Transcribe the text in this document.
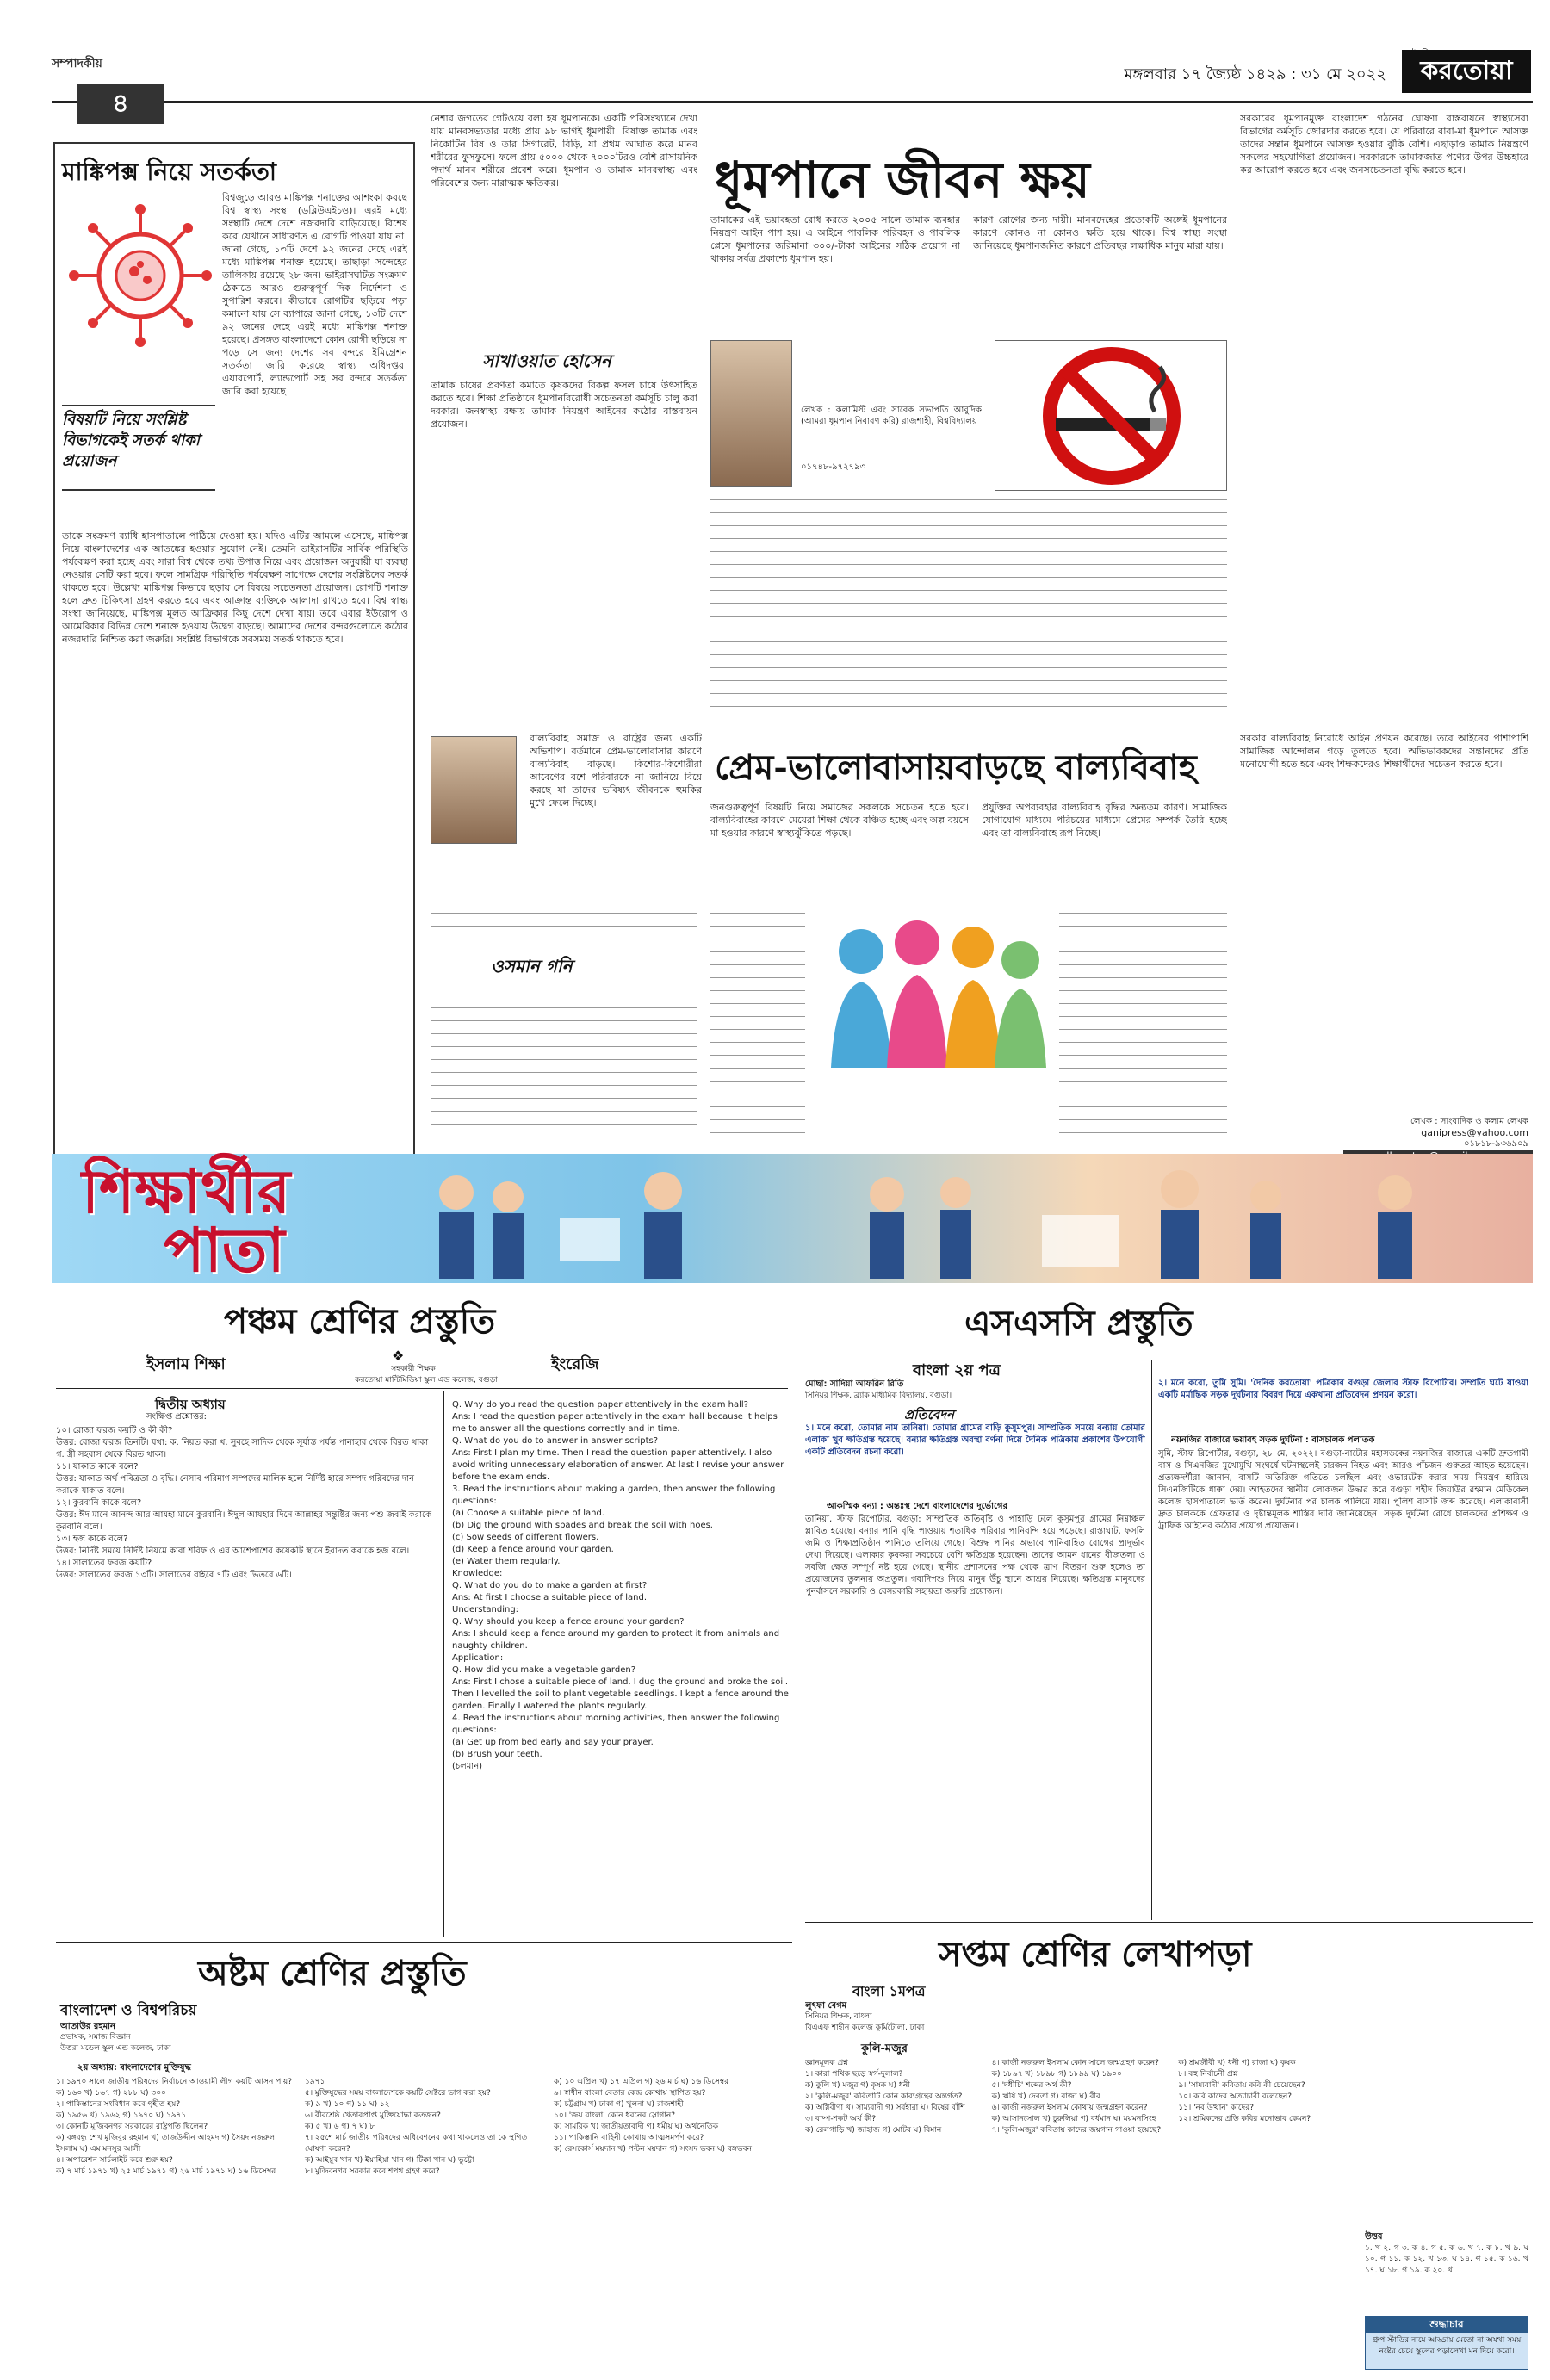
সম্পাদকীয়
৪
মঙ্গলবার ১৭ জ্যৈষ্ঠ ১৪২৯ : ৩১ মে ২০২২	করতোয়া
মাঙ্কিপক্স নিয়ে সতর্কতা
বিশ্বজুড়ে আরও মাঙ্কিপক্স শনাক্তের আশংকা করছে বিশ্ব স্বাস্থ্য সংস্থা (ডব্লিউএইচও)। এরই মধ্যে সংস্থাটি দেশে দেশে নজরদারি বাড়িয়েছে। বিশেষ করে যেখানে সাধারণত এ রোগটি পাওয়া যায় না। জানা গেছে, ১৩টি দেশে ৯২ জনের দেহে এরই মধ্যে মাঙ্কিপক্স শনাক্ত হয়েছে। তাছাড়া সন্দেহের তালিকায় রয়েছে ২৮ জন। ভাইরাসঘটিত সংক্রমণ ঠেকাতে আরও গুরুত্বপূর্ণ দিক নির্দেশনা ও সুপারিশ করবে। কীভাবে রোগটির ছড়িয়ে পড়া কমানো যায় সে ব্যাপারে জানা গেছে, ১৩টি দেশে ৯২ জনের দেহে এরই মধ্যে মাঙ্কিপক্স শনাক্ত হয়েছে। প্রসঙ্গত বাংলাদেশে কোন রোগী ছড়িয়ে না পড়ে সে জন্য দেশের সব বন্দরে ইমিগ্রেশন সতর্কতা জারি করেছে স্বাস্থ্য অধিদপ্তর। এয়ারপোর্ট, ল্যান্ডপোর্ট সহ সব বন্দরে সতর্কতা জারি করা হয়েছে।
বিষয়টি নিয়ে সংশ্লিষ্ট বিভাগকেই সতর্ক থাকা প্রয়োজন
তাকে সংক্রমণ ব্যাধি হাসপাতালে পাঠিয়ে দেওয়া হয়। যদিও এটির আমলে এসেছে, মাঙ্কিপক্স নিয়ে বাংলাদেশের এক আতঙ্কের হওয়ার সুযোগ নেই। তেমনি ভাইরাসটির সার্বিক পরিস্থিতি পর্যবেক্ষণ করা হচ্ছে এবং সারা বিশ্ব থেকে তথ্য উপাত্ত নিয়ে এবং প্রয়োজন অনুযায়ী যা ব্যবস্থা নেওয়ার সেটি করা হবে। ফলে সামগ্রিক পরিস্থিতি পর্যবেক্ষণ সাপেক্ষে দেশের সংশ্লিষ্টদের সতর্ক থাকতে হবে। উল্লেখ্য মাঙ্কিপক্স কিভাবে ছড়ায় সে বিষয়ে সচেতনতা প্রয়োজন। রোগটি শনাক্ত হলে দ্রুত চিকিৎসা গ্রহণ করতে হবে এবং আক্রান্ত ব্যক্তিকে আলাদা রাখতে হবে। বিশ্ব স্বাস্থ্য সংস্থা জানিয়েছে, মাঙ্কিপক্স মূলত আফ্রিকার কিছু দেশে দেখা যায়। তবে এবার ইউরোপ ও আমেরিকার বিভিন্ন দেশে শনাক্ত হওয়ায় উদ্বেগ বাড়ছে। আমাদের দেশের বন্দরগুলোতে কঠোর নজরদারি নিশ্চিত করা জরুরি। সংশ্লিষ্ট বিভাগকে সবসময় সতর্ক থাকতে হবে।
নেশার জগতের গেটওয়ে বলা হয় ধূমপানকে। একটি পরিসংখ্যানে দেখা যায় মানবসভ্যতার মধ্যে প্রায় ৯৮ ভাগই ধূমপায়ী। বিষাক্ত তামাক এবং নিকোটিন বিষ ও তার সিগারেট, বিড়ি, যা প্রথম আঘাত করে মানব শরীরের ফুসফুসে। ফলে প্রায় ৫০০০ থেকে ৭০০০টিরও বেশি রাসায়নিক পদার্থ মানব শরীরে প্রবেশ করে। ধূমপান ও তামাক মানবস্বাস্থ্য এবং পরিবেশের জন্য মারাত্মক ক্ষতিকর।	ধূমপানে জীবন ক্ষয়
সরকারের ধূমপানমুক্ত বাংলাদেশ গঠনের ঘোষণা বাস্তবায়নে স্বাস্থ্যসেবা বিভাগের কর্মসূচি জোরদার করতে হবে। যে পরিবারে বাবা-মা ধূমপানে আসক্ত তাদের সন্তান ধূমপানে আসক্ত হওয়ার ঝুঁকি বেশি। এছাড়াও তামাক নিয়ন্ত্রণে সকলের সহযোগিতা প্রয়োজন। সরকারকে তামাকজাত পণ্যের উপর উচ্চহারে কর আরোপ করতে হবে এবং জনসচেতনতা বৃদ্ধি করতে হবে।
তামাকের এই ভয়াবহতা রোধ করতে ২০০৫ সালে তামাক ব্যবহার নিয়ন্ত্রণ আইন পাশ হয়। এ আইনে পাবলিক পরিবহন ও পাবলিক প্লেসে ধূমপানের জরিমানা ৩০০/-টাকা আইনের সঠিক প্রয়োগ না থাকায় সর্বত্র প্রকাশ্যে ধূমপান হয়।
কারণ রোগের জন্য দায়ী। মানবদেহের প্রত্যেকটি অঙ্গেই ধূমপানের কারণে কোনও না কোনও ক্ষতি হয়ে থাকে। বিশ্ব স্বাস্থ্য সংস্থা জানিয়েছে ধূমপানজনিত কারণে প্রতিবছর লক্ষাধিক মানুষ মারা যায়।
সাখাওয়াত হোসেন
তামাক চাষের প্রবণতা কমাতে কৃষকদের বিকল্প ফসল চাষে উৎসাহিত করতে হবে। শিক্ষা প্রতিষ্ঠানে ধূমপানবিরোধী সচেতনতা কর্মসূচি চালু করা দরকার। জনস্বাস্থ্য রক্ষায় তামাক নিয়ন্ত্রণ আইনের কঠোর বাস্তবায়ন প্রয়োজন।
লেখক : কলামিস্ট এবং সাবেক সভাপতি আবুদিক (আমরা ধূমপান নিবারণ করি) রাজশাহী, বিশ্ববিদ্যালয়
০১৭৪৮-৯৭২৭৯৩
বাল্যবিবাহ সমাজ ও রাষ্ট্রের জন্য একটি অভিশাপ। বর্তমানে প্রেম-ভালোবাসার কারণে বাল্যবিবাহ বাড়ছে। কিশোর-কিশোরীরা আবেগের বশে পরিবারকে না জানিয়ে বিয়ে করছে যা তাদের ভবিষ্যৎ জীবনকে হুমকির মুখে ফেলে দিচ্ছে।
প্রেম-ভালোবাসায়বাড়ছে বাল্যবিবাহ
সরকার বাল্যবিবাহ নিরোধে আইন প্রণয়ন করেছে। তবে আইনের পাশাপাশি সামাজিক আন্দোলন গড়ে তুলতে হবে। অভিভাবকদের সন্তানদের প্রতি মনোযোগী হতে হবে এবং শিক্ষকদেরও শিক্ষার্থীদের সচেতন করতে হবে।
ওসমান গনি
জনগুরুত্বপূর্ণ বিষয়টি নিয়ে সমাজের সকলকে সচেতন হতে হবে। বাল্যবিবাহের কারণে মেয়েরা শিক্ষা থেকে বঞ্চিত হচ্ছে এবং অল্প বয়সে মা হওয়ার কারণে স্বাস্থ্যঝুঁকিতে পড়ছে।
প্রযুক্তির অপব্যবহার বাল্যবিবাহ বৃদ্ধির অন্যতম কারণ। সামাজিক যোগাযোগ মাধ্যমে পরিচয়ের মাধ্যমে প্রেমের সম্পর্ক তৈরি হচ্ছে এবং তা বাল্যবিবাহে রূপ নিচ্ছে।
লেখক : সাংবাদিক ও কলাম লেখক
ganipress@yahoo.com
০১৮১৮-৯৩৬৯০৯
শিক্ষার্থীর
পাতা
পঞ্চম শ্রেণির প্রস্তুতি
ইসলাম শিক্ষা	❖	ইংরেজি
সহকারী শিক্ষক
করতোয়া মাল্টিমিডিয়া স্কুল এন্ড কলেজ, বগুড়া
দ্বিতীয় অধ্যায়
সংক্ষিপ্ত প্রশ্নোত্তর:
১০। রোজা ফরজ কয়টি ও কী কী?
উত্তর: রোজা ফরজ তিনটি। যথা: ক. নিয়ত করা খ. সুবহে সাদিক থেকে সূর্যাস্ত পর্যন্ত পানাহার থেকে বিরত থাকা গ. স্ত্রী সহবাস থেকে বিরত থাকা।
১১। যাকাত কাকে বলে?
উত্তর: যাকাত অর্থ পবিত্রতা ও বৃদ্ধি। নেসাব পরিমাণ সম্পদের মালিক হলে নির্দিষ্ট হারে সম্পদ গরিবদের দান করাকে যাকাত বলে।
১২। কুরবানি কাকে বলে?
উত্তর: ঈদ মানে আনন্দ আর আযহা মানে কুরবানি। ঈদুল আযহার দিনে আল্লাহর সন্তুষ্টির জন্য পশু জবাই করাকে কুরবানি বলে।
১৩। হজ কাকে বলে?
উত্তর: নির্দিষ্ট সময়ে নির্দিষ্ট নিয়মে কাবা শরিফ ও এর আশেপাশের কয়েকটি স্থানে ইবাদত করাকে হজ বলে।
১৪। সালাতের ফরজ কয়টি?
উত্তর: সালাতের ফরজ ১৩টি। সালাতের বাইরে ৭টি এবং ভিতরে ৬টি।
Q. Why do you read the question paper attentively in the exam hall?
Ans: I read the question paper attentively in the exam hall because it helps me to answer all the questions correctly and in time.
Q. What do you do to answer in answer scripts?
Ans: First I plan my time. Then I read the question paper attentively. I also avoid writing unnecessary elaboration of answer. At last I revise your answer before the exam ends.
3. Read the instructions about making a garden, then answer the following questions:
(a) Choose a suitable piece of land.
(b) Dig the ground with spades and break the soil with hoes.
(c) Sow seeds of different flowers.
(d) Keep a fence around your garden.
(e) Water them regularly.
Knowledge:
Q. What do you do to make a garden at first?
Ans: At first I choose a suitable piece of land.
Understanding:
Q. Why should you keep a fence around your garden?
Ans: I should keep a fence around my garden to protect it from animals and naughty children.
Application:
Q. How did you make a vegetable garden?
Ans: First I chose a suitable piece of land. I dug the ground and broke the soil. Then I levelled the soil to plant vegetable seedlings. I kept a fence around the garden. Finally I watered the plants regularly.
4. Read the instructions about morning activities, then answer the following questions:
(a) Get up from bed early and say your prayer.
(b) Brush your teeth.
(চলমান)
এসএসসি প্রস্তুতি
বাংলা ২য় পত্র
মোছা: সাদিয়া আফরিন রিতি
সিনিয়র শিক্ষক, ব্র্যাক মাধ্যমিক বিদ্যালয়, বগুড়া।
প্রতিবেদন
১। মনে করো, তোমার নাম তানিয়া। তোমার গ্রামের বাড়ি কুসুমপুর। সাম্প্রতিক সময়ে বন্যায় তোমার এলাকা খুব ক্ষতিগ্রস্ত হয়েছে। বন্যার ক্ষতিগ্রস্ত অবস্থা বর্ণনা দিয়ে দৈনিক পত্রিকায় প্রকাশের উপযোগী একটি প্রতিবেদন রচনা করো।
আকস্মিক বন্যা : অন্তঃস্থ দেশে বাংলাদেশের দুর্ভোগের
তানিয়া, স্টাফ রিপোর্টার, বগুড়া: সাম্প্রতিক অতিবৃষ্টি ও পাহাড়ি ঢলে কুসুমপুর গ্রামের নিম্নাঞ্চল প্লাবিত হয়েছে। বন্যার পানি বৃদ্ধি পাওয়ায় শতাধিক পরিবার পানিবন্দি হয়ে পড়েছে। রাস্তাঘাট, ফসলি জমি ও শিক্ষাপ্রতিষ্ঠান পানিতে তলিয়ে গেছে। বিশুদ্ধ পানির অভাবে পানিবাহিত রোগের প্রাদুর্ভাব দেখা দিয়েছে। এলাকার কৃষকরা সবচেয়ে বেশি ক্ষতিগ্রস্ত হয়েছেন। তাদের আমন ধানের বীজতলা ও সবজি ক্ষেত সম্পূর্ণ নষ্ট হয়ে গেছে। স্থানীয় প্রশাসনের পক্ষ থেকে ত্রাণ বিতরণ শুরু হলেও তা প্রয়োজনের তুলনায় অপ্রতুল। গবাদিপশু নিয়ে মানুষ উঁচু স্থানে আশ্রয় নিয়েছে। ক্ষতিগ্রস্ত মানুষদের পুনর্বাসনে সরকারি ও বেসরকারি সহায়তা জরুরি প্রয়োজন।
২। মনে করো, তুমি সুমি। 'দৈনিক করতোয়া' পত্রিকার বগুড়া জেলার স্টাফ রিপোর্টার। সম্প্রতি ঘটে যাওয়া একটি মর্মান্তিক সড়ক দুর্ঘটনার বিবরণ দিয়ে একখানা প্রতিবেদন প্রণয়ন করো।
নয়নজির বাজারে ভয়াবহ সড়ক দুর্ঘটনা : বাসচালক পলাতক
সুমি, স্টাফ রিপোর্টার, বগুড়া, ২৮ মে, ২০২২। বগুড়া-নাটোর মহাসড়কের নয়নজির বাজারে একটি দ্রুতগামী বাস ও সিএনজির মুখোমুখি সংঘর্ষে ঘটনাস্থলেই চারজন নিহত এবং আরও পাঁচজন গুরুতর আহত হয়েছেন। প্রত্যক্ষদর্শীরা জানান, বাসটি অতিরিক্ত গতিতে চলছিল এবং ওভারটেক করার সময় নিয়ন্ত্রণ হারিয়ে সিএনজিটিকে ধাক্কা দেয়। আহতদের স্থানীয় লোকজন উদ্ধার করে বগুড়া শহীদ জিয়াউর রহমান মেডিকেল কলেজ হাসপাতালে ভর্তি করেন। দুর্ঘটনার পর চালক পালিয়ে যায়। পুলিশ বাসটি জব্দ করেছে। এলাকাবাসী দ্রুত চালককে গ্রেফতার ও দৃষ্টান্তমূলক শাস্তির দাবি জানিয়েছেন। সড়ক দুর্ঘটনা রোধে চালকদের প্রশিক্ষণ ও ট্রাফিক আইনের কঠোর প্রয়োগ প্রয়োজন।
অষ্টম শ্রেণির প্রস্তুতি
বাংলাদেশ ও বিশ্বপরিচয়
আতাউর রহমান
প্রভাষক, সমাজ বিজ্ঞান
উত্তরা মডেল স্কুল এন্ড কলেজ, ঢাকা
২য় অধ্যায়: বাংলাদেশের মুক্তিযুদ্ধ
১। ১৯৭০ সালে জাতীয় পরিষদের নির্বাচনে আওয়ামী লীগ কয়টি আসন পায়?
ক) ১৬০ খ) ১৬৭ গ) ২৮৮ ঘ) ৩০০
২। পাকিস্তানের সংবিধান কবে গৃহীত হয়?
ক) ১৯৫৬ খ) ১৯৬২ গ) ১৯৭০ ঘ) ১৯৭১
৩। কোনটি মুজিবনগর সরকারের রাষ্ট্রপতি ছিলেন?
ক) বঙ্গবন্ধু শেখ মুজিবুর রহমান খ) তাজউদ্দীন আহমদ গ) সৈয়দ নজরুল ইসলাম ঘ) এম মনসুর আলী
৪। অপারেশন সার্চলাইট কবে শুরু হয়?
ক) ৭ মার্চ ১৯৭১ খ) ২৫ মার্চ ১৯৭১ গ) ২৬ মার্চ ১৯৭১ ঘ) ১৬ ডিসেম্বর ১৯৭১
৫। মুক্তিযুদ্ধের সময় বাংলাদেশকে কয়টি সেক্টরে ভাগ করা হয়?
ক) ৯ খ) ১০ গ) ১১ ঘ) ১২
৬। বীরশ্রেষ্ঠ খেতাবপ্রাপ্ত মুক্তিযোদ্ধা কতজন?
ক) ৫ খ) ৬ গ) ৭ ঘ) ৮
৭। ২৫শে মার্চ জাতীয় পরিষদের অধিবেশনের কথা থাকলেও তা কে স্থগিত ঘোষণা করেন?
ক) আইয়ুব খান খ) ইয়াহিয়া খান গ) টিক্কা খান ঘ) ভুট্টো
৮। মুজিবনগর সরকার কবে শপথ গ্রহণ করে?
ক) ১০ এপ্রিল খ) ১৭ এপ্রিল গ) ২৬ মার্চ ঘ) ১৬ ডিসেম্বর
৯। স্বাধীন বাংলা বেতার কেন্দ্র কোথায় স্থাপিত হয়?
ক) চট্টগ্রাম খ) ঢাকা গ) খুলনা ঘ) রাজশাহী
১০। 'জয় বাংলা' কোন ধরনের স্লোগান?
ক) সামরিক খ) জাতীয়তাবাদী গ) ধর্মীয় ঘ) অর্থনৈতিক
১১। পাকিস্তানি বাহিনী কোথায় আত্মসমর্পণ করে?
ক) রেসকোর্স ময়দান খ) পল্টন ময়দান গ) সংসদ ভবন ঘ) বঙ্গভবন
সপ্তম শ্রেণির লেখাপড়া
বাংলা ১মপত্র
লুৎফা বেগম
সিনিয়র শিক্ষক, বাংলা
বিএএফ শাহীন কলেজ কুর্মিটোলা, ঢাকা
কুলি-মজুর
জ্ঞানমূলক প্রশ্ন
১। কারা পথিক ছড়ে স্বর্গ-দুলাল?
ক) কুলি খ) মজুর গ) কৃষক ঘ) ধনী
২। 'কুলি-মজুর' কবিতাটি কোন কাব্যগ্রন্থের অন্তর্গত?
ক) অগ্নিবীণা খ) সাম্যবাদী গ) সর্বহারা ঘ) বিষের বাঁশি
৩। বাষ্প-শকট অর্থ কী?
ক) রেলগাড়ি খ) জাহাজ গ) মোটর ঘ) বিমান
৪। কাজী নজরুল ইসলাম কোন সালে জন্মগ্রহণ করেন?
ক) ১৮৯৭ খ) ১৮৯৮ গ) ১৮৯৯ ঘ) ১৯০০
৫। 'দধীচি' শব্দের অর্থ কী?
ক) ঋষি খ) দেবতা গ) রাজা ঘ) বীর
৬। কাজী নজরুল ইসলাম কোথায় জন্মগ্রহণ করেন?
ক) আসানসোল খ) চুরুলিয়া গ) বর্ধমান ঘ) ময়মনসিংহ
৭। 'কুলি-মজুর' কবিতায় কাদের জয়গান গাওয়া হয়েছে?
ক) শ্রমজীবী খ) ধনী গ) রাজা ঘ) কৃষক
৮। বহু নির্বাচনী প্রশ্ন
৯। 'সাম্যবাদী' কবিতায় কবি কী চেয়েছেন?
১০। কবি কাদের অত্যাচারী বলেছেন?
১১। 'নব উত্থান' কাদের?
১২। শ্রমিকদের প্রতি কবির মনোভাব কেমন?
উত্তর
১. খ ২. গ ৩. ক ৪. গ ৫. ক ৬. খ ৭. ক ৮. খ ৯. ঘ ১০. গ ১১. ক ১২. খ ১৩. ঘ ১৪. গ ১৫. ক ১৬. খ ১৭. ঘ ১৮. গ ১৯. ক ২০. খ
শুদ্ধাচার
গ্রুপ স্টাডির নামে আড্ডায় মেতো না অযথা সময় নষ্টের চেয়ে স্কুলের পড়ালেখা মন দিয়ে করো।
